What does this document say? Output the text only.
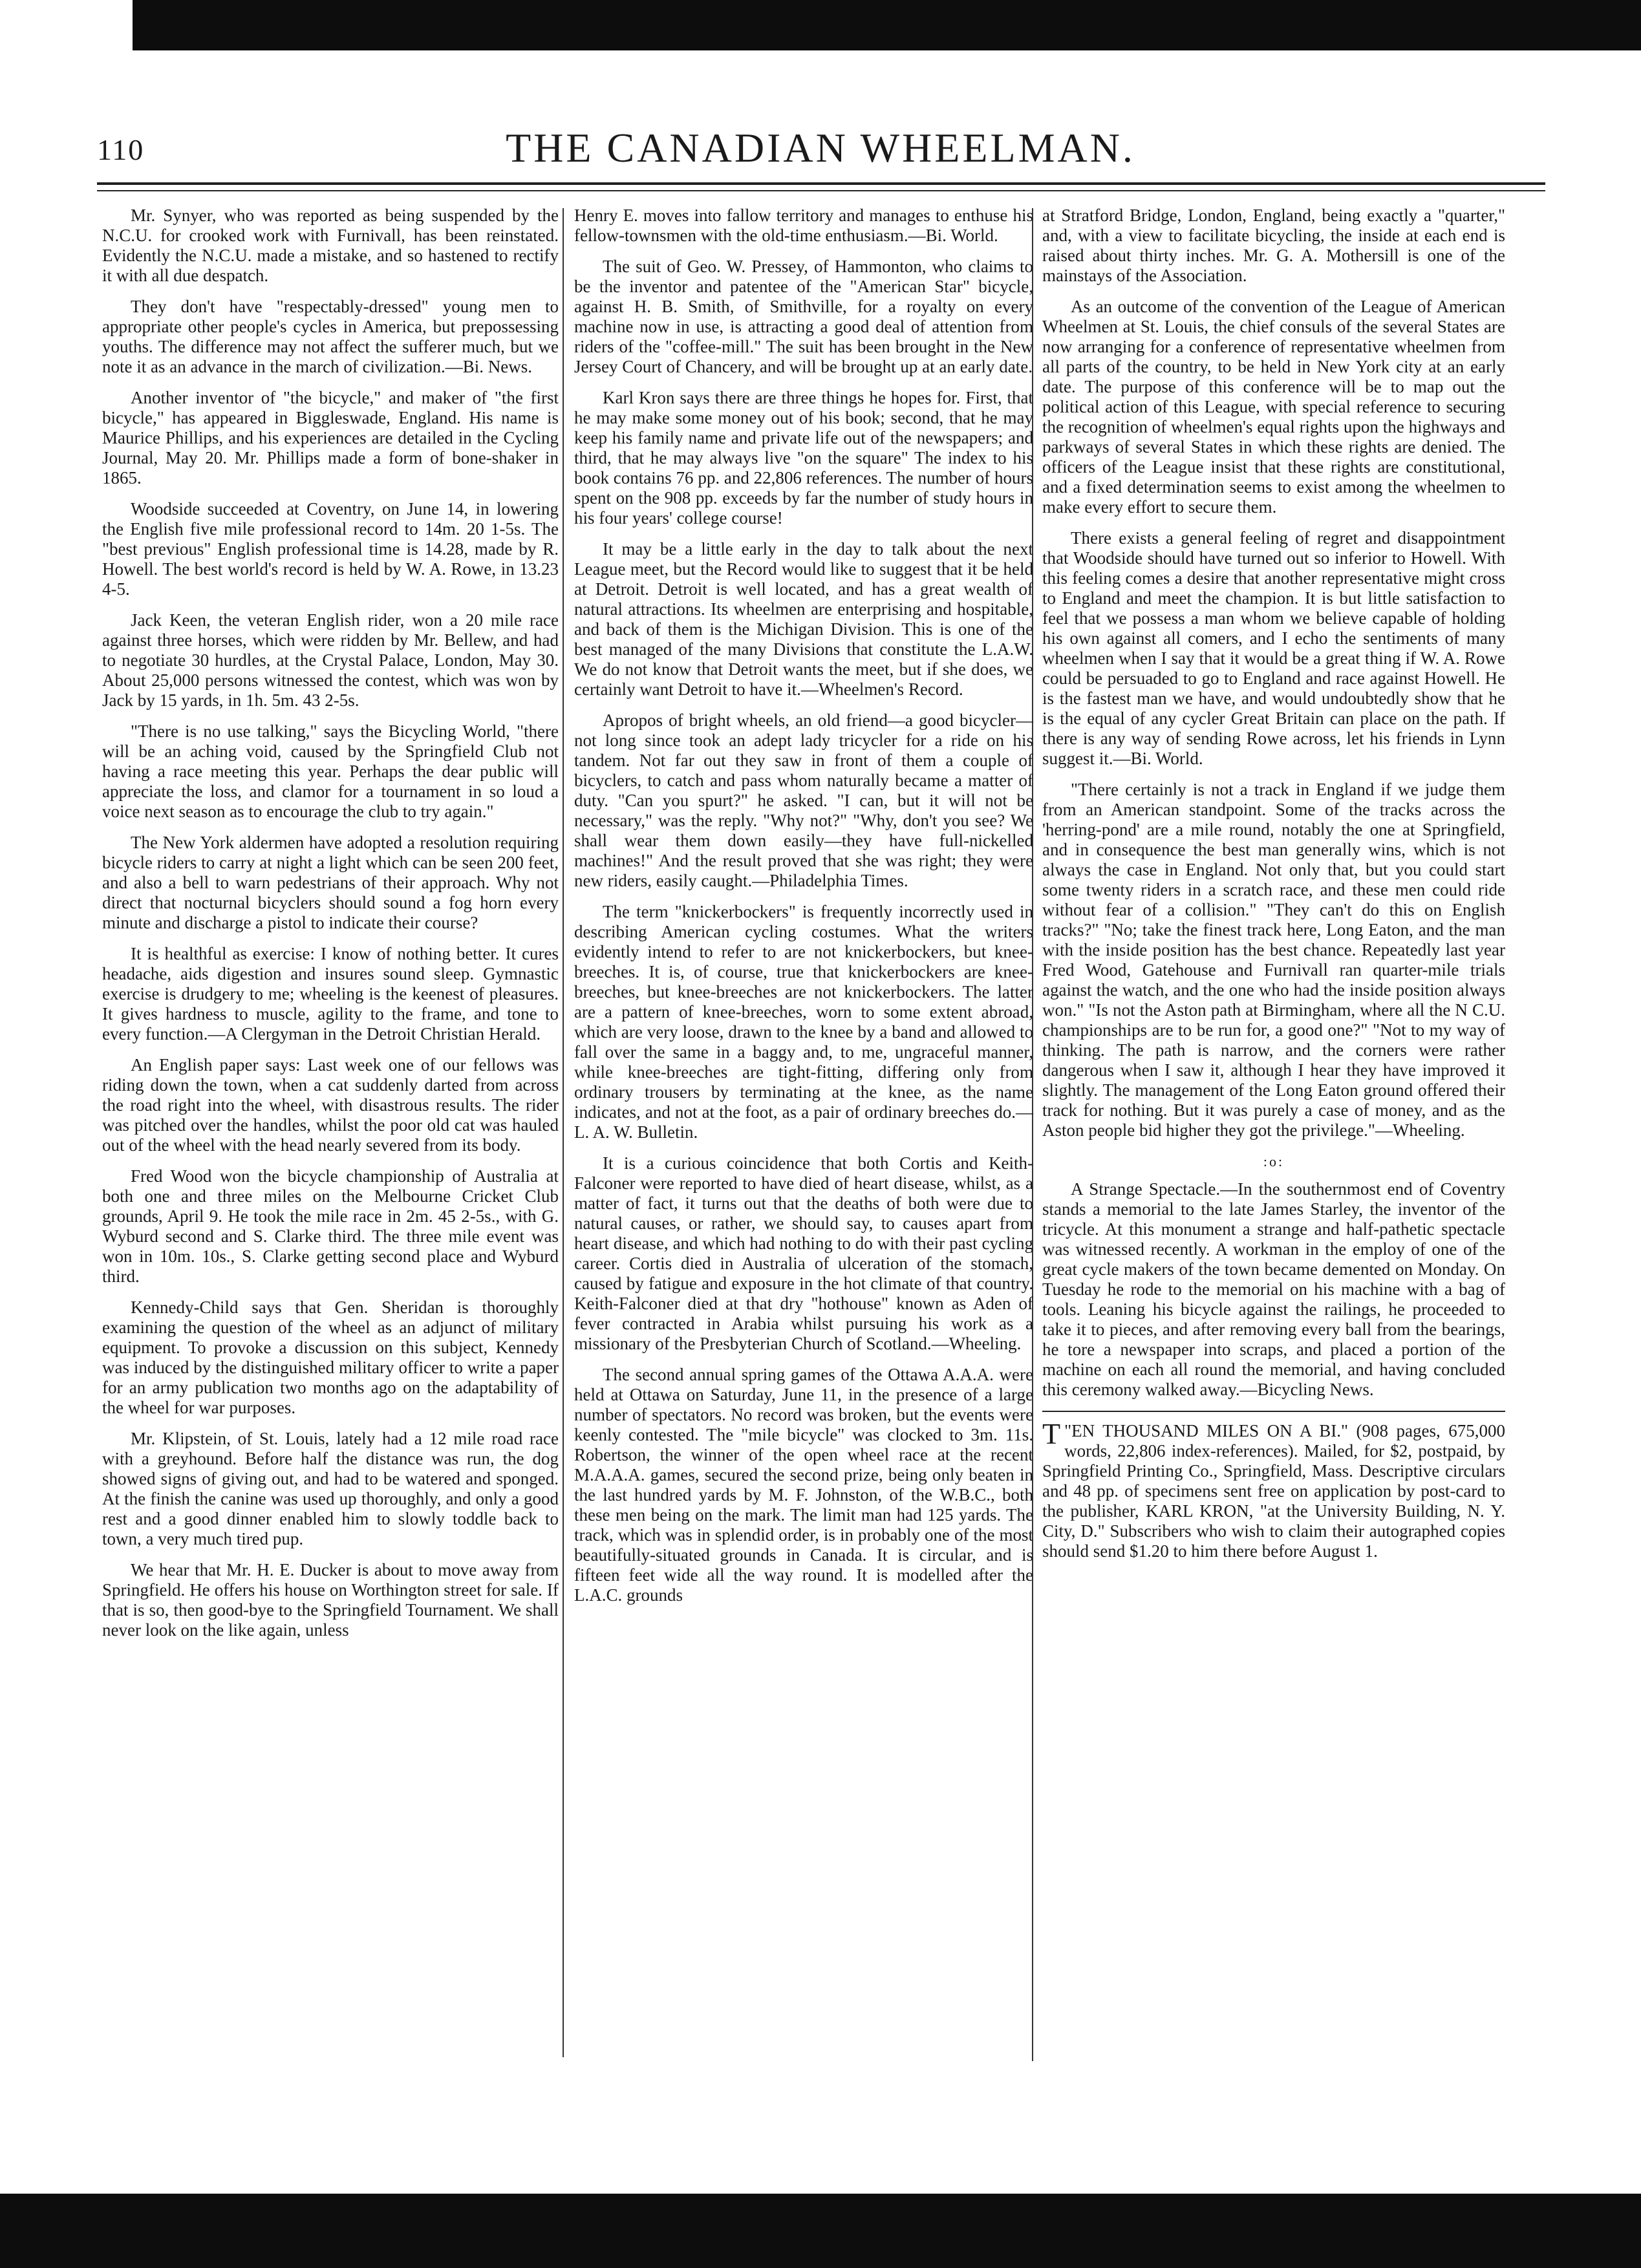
110	THE CANADIAN WHEELMAN.

Mr. Synyer, who was reported as being suspended by the N.C.U. for crooked work with Furnivall, has been reinstated. Evidently the N.C.U. made a mistake, and so hastened to rectify it with all due despatch.

They don't have "respectably-dressed" young men to appropriate other people's cycles in America, but prepossessing youths. The difference may not affect the sufferer much, but we note it as an advance in the march of civilization.—Bi. News.

Another inventor of "the bicycle," and maker of "the first bicycle," has appeared in Biggleswade, England. His name is Maurice Phillips, and his experiences are detailed in the Cycling Journal, May 20. Mr. Phillips made a form of bone-shaker in 1865.

Woodside succeeded at Coventry, on June 14, in lowering the English five mile professional record to 14m. 20 1-5s. The "best previous" English professional time is 14.28, made by R. Howell. The best world's record is held by W. A. Rowe, in 13.23 4-5.

Jack Keen, the veteran English rider, won a 20 mile race against three horses, which were ridden by Mr. Bellew, and had to negotiate 30 hurdles, at the Crystal Palace, London, May 30. About 25,000 persons witnessed the contest, which was won by Jack by 15 yards, in 1h. 5m. 43 2-5s.

"There is no use talking," says the Bicycling World, "there will be an aching void, caused by the Springfield Club not having a race meeting this year. Perhaps the dear public will appreciate the loss, and clamor for a tournament in so loud a voice next season as to encourage the club to try again."

The New York aldermen have adopted a resolution requiring bicycle riders to carry at night a light which can be seen 200 feet, and also a bell to warn pedestrians of their approach. Why not direct that nocturnal bicyclers should sound a fog horn every minute and discharge a pistol to indicate their course?

It is healthful as exercise: I know of nothing better. It cures headache, aids digestion and insures sound sleep. Gymnastic exercise is drudgery to me; wheeling is the keenest of pleasures. It gives hardness to muscle, agility to the frame, and tone to every function.—A Clergyman in the Detroit Christian Herald.

An English paper says: Last week one of our fellows was riding down the town, when a cat suddenly darted from across the road right into the wheel, with disastrous results. The rider was pitched over the handles, whilst the poor old cat was hauled out of the wheel with the head nearly severed from its body.

Fred Wood won the bicycle championship of Australia at both one and three miles on the Melbourne Cricket Club grounds, April 9. He took the mile race in 2m. 45 2-5s., with G. Wyburd second and S. Clarke third. The three mile event was won in 10m. 10s., S. Clarke getting second place and Wyburd third.

Kennedy-Child says that Gen. Sheridan is thoroughly examining the question of the wheel as an adjunct of military equipment. To provoke a discussion on this subject, Kennedy was induced by the distinguished military officer to write a paper for an army publication two months ago on the adaptability of the wheel for war purposes.

Mr. Klipstein, of St. Louis, lately had a 12 mile road race with a greyhound. Before half the distance was run, the dog showed signs of giving out, and had to be watered and sponged. At the finish the canine was used up thoroughly, and only a good rest and a good dinner enabled him to slowly toddle back to town, a very much tired pup.

We hear that Mr. H. E. Ducker is about to move away from Springfield. He offers his house on Worthington street for sale. If that is so, then good-bye to the Springfield Tournament. We shall never look on the like again, unless

Henry E. moves into fallow territory and manages to enthuse his fellow-townsmen with the old-time enthusiasm.—Bi. World.

The suit of Geo. W. Pressey, of Hammonton, who claims to be the inventor and patentee of the "American Star" bicycle, against H. B. Smith, of Smithville, for a royalty on every machine now in use, is attracting a good deal of attention from riders of the "coffee-mill." The suit has been brought in the New Jersey Court of Chancery, and will be brought up at an early date.

Karl Kron says there are three things he hopes for. First, that he may make some money out of his book; second, that he may keep his family name and private life out of the newspapers; and third, that he may always live "on the square" The index to his book contains 76 pp. and 22,806 references. The number of hours spent on the 908 pp. exceeds by far the number of study hours in his four years' college course!

It may be a little early in the day to talk about the next League meet, but the Record would like to suggest that it be held at Detroit. Detroit is well located, and has a great wealth of natural attractions. Its wheelmen are enterprising and hospitable, and back of them is the Michigan Division. This is one of the best managed of the many Divisions that constitute the L.A.W. We do not know that Detroit wants the meet, but if she does, we certainly want Detroit to have it.—Wheelmen's Record.

Apropos of bright wheels, an old friend—a good bicycler—not long since took an adept lady tricycler for a ride on his tandem. Not far out they saw in front of them a couple of bicyclers, to catch and pass whom naturally became a matter of duty. "Can you spurt?" he asked. "I can, but it will not be necessary," was the reply. "Why not?" "Why, don't you see? We shall wear them down easily—they have full-nickelled machines!" And the result proved that she was right; they were new riders, easily caught.—Philadelphia Times.

The term "knickerbockers" is frequently incorrectly used in describing American cycling costumes. What the writers evidently intend to refer to are not knickerbockers, but knee-breeches. It is, of course, true that knickerbockers are knee-breeches, but knee-breeches are not knickerbockers. The latter are a pattern of knee-breeches, worn to some extent abroad, which are very loose, drawn to the knee by a band and allowed to fall over the same in a baggy and, to me, ungraceful manner, while knee-breeches are tight-fitting, differing only from ordinary trousers by terminating at the knee, as the name indicates, and not at the foot, as a pair of ordinary breeches do.—L. A. W. Bulletin.

It is a curious coincidence that both Cortis and Keith-Falconer were reported to have died of heart disease, whilst, as a matter of fact, it turns out that the deaths of both were due to natural causes, or rather, we should say, to causes apart from heart disease, and which had nothing to do with their past cycling career. Cortis died in Australia of ulceration of the stomach, caused by fatigue and exposure in the hot climate of that country. Keith-Falconer died at that dry "hothouse" known as Aden of fever contracted in Arabia whilst pursuing his work as a missionary of the Presbyterian Church of Scotland.—Wheeling.

The second annual spring games of the Ottawa A.A.A. were held at Ottawa on Saturday, June 11, in the presence of a large number of spectators. No record was broken, but the events were keenly contested. The "mile bicycle" was clocked to 3m. 11s. Robertson, the winner of the open wheel race at the recent M.A.A.A. games, secured the second prize, being only beaten in the last hundred yards by M. F. Johnston, of the W.B.C., both these men being on the mark. The limit man had 125 yards. The track, which was in splendid order, is in probably one of the most beautifully-situated grounds in Canada. It is circular, and is fifteen feet wide all the way round. It is modelled after the L.A.C. grounds

at Stratford Bridge, London, England, being exactly a "quarter," and, with a view to facilitate bicycling, the inside at each end is raised about thirty inches. Mr. G. A. Mothersill is one of the mainstays of the Association.

As an outcome of the convention of the League of American Wheelmen at St. Louis, the chief consuls of the several States are now arranging for a conference of representative wheelmen from all parts of the country, to be held in New York city at an early date. The purpose of this conference will be to map out the political action of this League, with special reference to securing the recognition of wheelmen's equal rights upon the highways and parkways of several States in which these rights are denied. The officers of the League insist that these rights are constitutional, and a fixed determination seems to exist among the wheelmen to make every effort to secure them.

There exists a general feeling of regret and disappointment that Woodside should have turned out so inferior to Howell. With this feeling comes a desire that another representative might cross to England and meet the champion. It is but little satisfaction to feel that we possess a man whom we believe capable of holding his own against all comers, and I echo the sentiments of many wheelmen when I say that it would be a great thing if W. A. Rowe could be persuaded to go to England and race against Howell. He is the fastest man we have, and would undoubtedly show that he is the equal of any cycler Great Britain can place on the path. If there is any way of sending Rowe across, let his friends in Lynn suggest it.—Bi. World.

"There certainly is not a track in England if we judge them from an American standpoint. Some of the tracks across the 'herring-pond' are a mile round, notably the one at Springfield, and in consequence the best man generally wins, which is not always the case in England. Not only that, but you could start some twenty riders in a scratch race, and these men could ride without fear of a collision." "They can't do this on English tracks?" "No; take the finest track here, Long Eaton, and the man with the inside position has the best chance. Repeatedly last year Fred Wood, Gatehouse and Furnivall ran quarter-mile trials against the watch, and the one who had the inside position always won." "Is not the Aston path at Birmingham, where all the N C.U. championships are to be run for, a good one?" "Not to my way of thinking. The path is narrow, and the corners were rather dangerous when I saw it, although I hear they have improved it slightly. The management of the Long Eaton ground offered their track for nothing. But it was purely a case of money, and as the Aston people bid higher they got the privilege."—Wheeling.

:o:

A Strange Spectacle.—In the southernmost end of Coventry stands a memorial to the late James Starley, the inventor of the tricycle. At this monument a strange and half-pathetic spectacle was witnessed recently. A workman in the employ of one of the great cycle makers of the town became demented on Monday. On Tuesday he rode to the memorial on his machine with a bag of tools. Leaning his bicycle against the railings, he proceeded to take it to pieces, and after removing every ball from the bearings, he tore a newspaper into scraps, and placed a portion of the machine on each all round the memorial, and having concluded this ceremony walked away.—Bicycling News.

"
T EN THOUSAND MILES ON A BI." (908 pages, 675,000 words, 22,806 index-references). Mailed, for $2, postpaid, by Springfield Printing Co., Springfield, Mass. Descriptive circulars and 48 pp. of specimens sent free on application by post-card to the publisher, KARL KRON, "at the University Building, N. Y. City, D." Subscribers who wish to claim their autographed copies should send $1.20 to him there before August 1.
